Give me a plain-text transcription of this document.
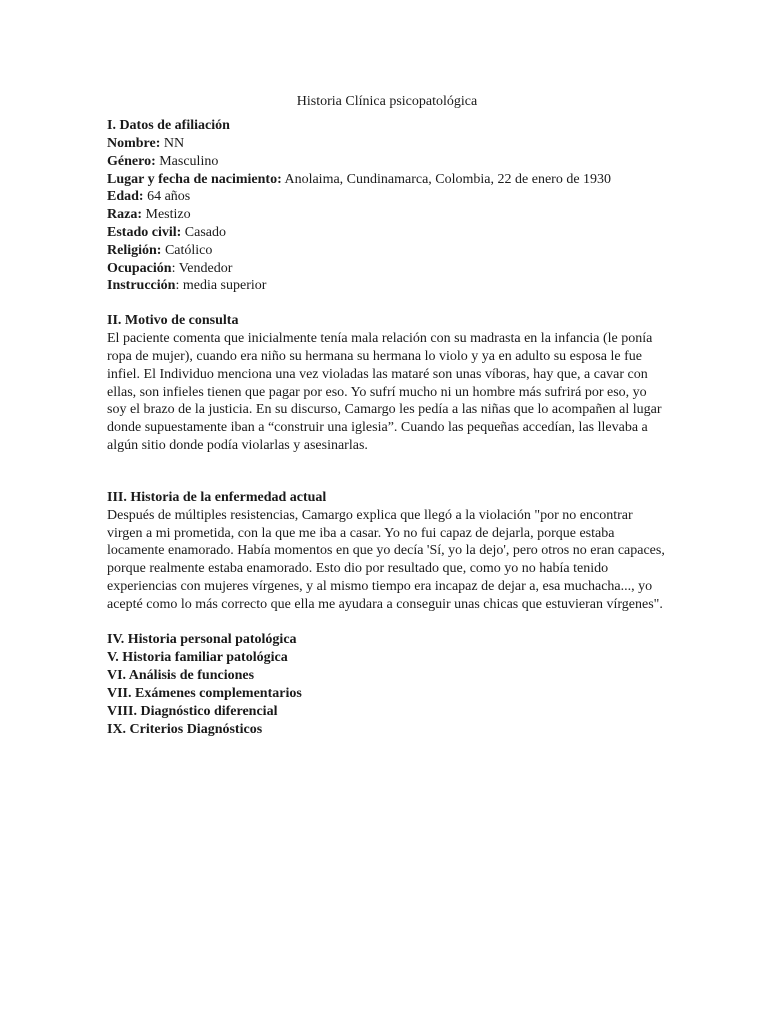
Historia Clínica psicopatológica

I. Datos de afiliación

Nombre: NN

Género: Masculino

Lugar y fecha de nacimiento: Anolaima, Cundinamarca, Colombia, 22 de enero de 1930

Edad: 64 años

Raza: Mestizo

Estado civil: Casado

Religión: Católico

Ocupación: Vendedor

Instrucción: media superior

II. Motivo de consulta

El paciente comenta que inicialmente tenía mala relación con su madrasta en la infancia (le ponía ropa de mujer), cuando era niño su hermana su hermana lo violo y ya en adulto su esposa le fue infiel. El Individuo menciona una vez violadas las mataré son unas víboras, hay que, a cavar con ellas, son infieles tienen que pagar por eso. Yo sufrí mucho ni un hombre más sufrirá por eso, yo soy el brazo de la justicia. En su discurso, Camargo les pedía a las niñas que lo acompañen al lugar donde supuestamente iban a “construir una iglesia”. Cuando las pequeñas accedían, las llevaba a algún sitio donde podía violarlas y asesinarlas.

III. Historia de la enfermedad actual

Después de múltiples resistencias, Camargo explica que llegó a la violación "por no encontrar virgen a mi prometida, con la que me iba a casar. Yo no fui capaz de dejarla, porque estaba locamente enamorado. Había momentos en que yo decía 'Sí, yo la dejo', pero otros no eran capaces, porque realmente estaba enamorado. Esto dio por resultado que, como yo no había tenido experiencias con mujeres vírgenes, y al mismo tiempo era incapaz de dejar a, esa muchacha..., yo acepté como lo más correcto que ella me ayudara a conseguir unas chicas que estuvieran vírgenes".

IV. Historia personal patológica

V. Historia familiar patológica

VI. Análisis de funciones

VII. Exámenes complementarios

VIII. Diagnóstico diferencial

IX. Criterios Diagnósticos
